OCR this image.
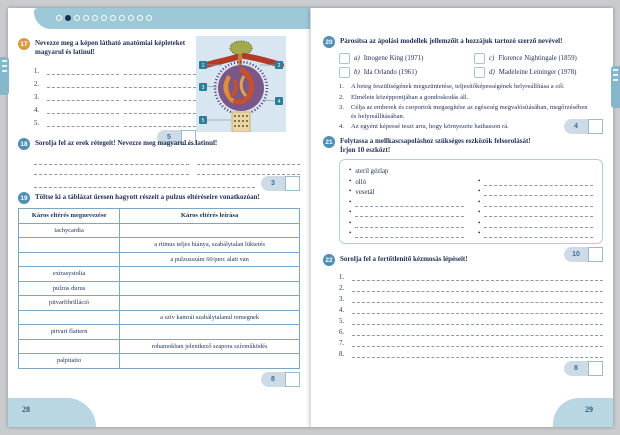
17	Nevezze meg a képen látható anatómiai képleteket magyarul és latinul!
1.
2.
3.
4.
5.
5
1	2
3
4
5
18	Sorolja fel az erek rétegeit! Nevezze meg magyarul és latinul!
3
19	Töltse ki a táblázat üresen hagyott részeit a pulzus eltéréseire vonatkozóan!
Káros eltérés megnevezése	Káros eltérés leírása
tachycardia	
	a ritmus teljes hiánya, szabálytalan lüktetés
	a pulzusszám 60/perc alatt van
extrasystolia	
pulzus durus	
pitvarfibrilláció	
	a szív kamrái szabálytalanul remegnek
pitvari flattern	
	rohamokban jelentkező szapora szívműködés
palpitatio	
8
28
20	Párosítsa az ápolási modellek jellemzőit a hozzájuk tartozó szerző nevével!
a) Imogene King (1971)	c) Florence Nightingale (1859)
b) Ida Orlando (1961)	d) Madeleine Leininger (1978)
1.	A beteg feszültségének megszüntetése, teljesítőképességének helyreállítása a cél.
2.	Elmélete középpontjában a gondoskodás áll.
3.	Célja az emberek és csoportok megsegítése az egészség megvalósításában, megőrzésében és helyreállításában.
4.	Az egyént képessé teszi arra, hogy környezete hathasson rá.	4
21	Folytassa a mellkascsapoláshoz szükséges eszközök felsorolását!
Írjon 10 eszközt!
• steril gézlap
• olló
• vesetál
•
•
•
•
•
•
•
•
•
•
10
22	Sorolja fel a fertőtlenítő kézmosás lépéseit!
1.
2.
3.
4.
5.
6.
7.
8.
8
29
